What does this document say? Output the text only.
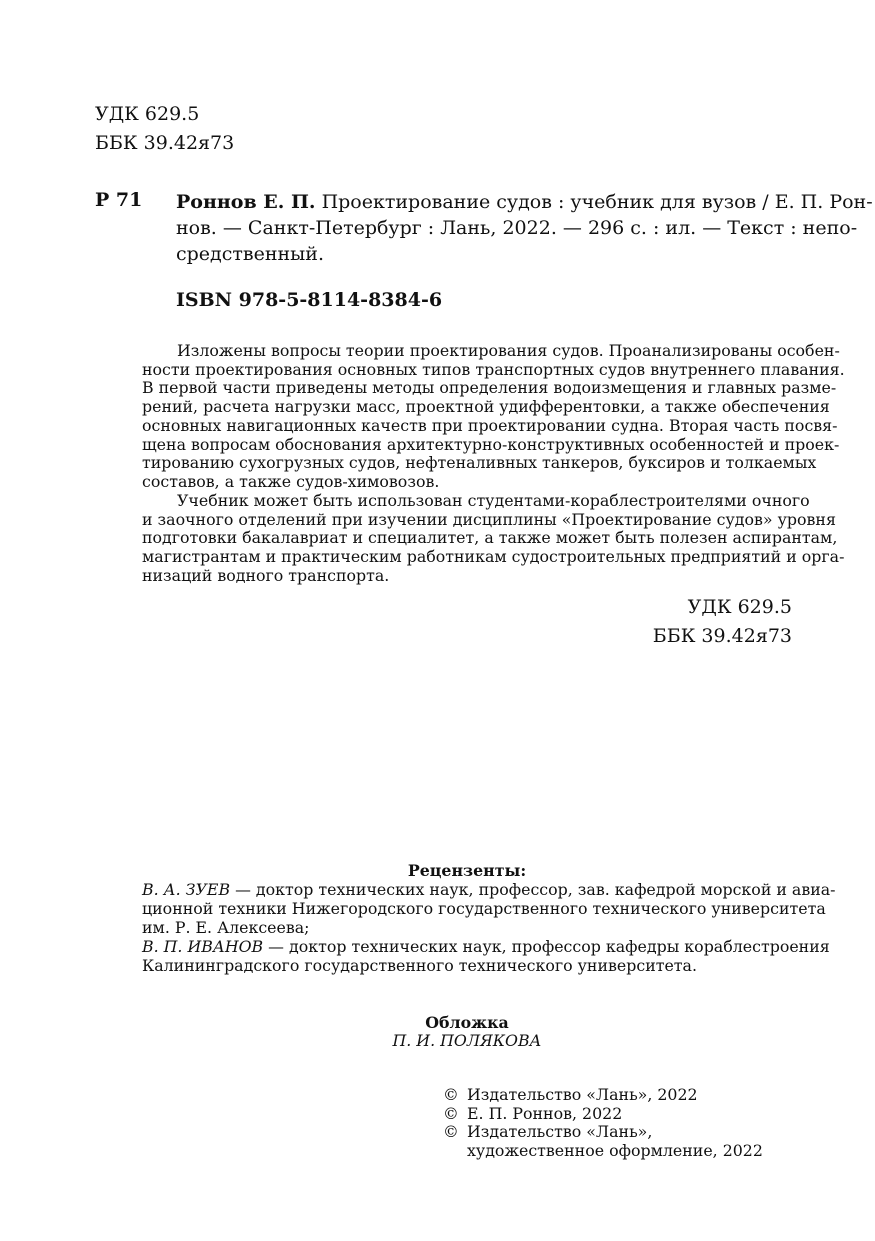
УДК 629.5
ББК 39.42я73
Р 71 Роннов Е. П. Проектирование судов : учебник для вузов / Е. П. Рон-
нов. — Санкт-Петербург : Лань, 2022. — 296 с. : ил. — Текст : непо-
средственный.
ISBN 978-5-8114-8384-6
Изложены вопросы теории проектирования судов. Проанализированы особен-
ности проектирования основных типов транспортных судов внутреннего плавания.
В первой части приведены методы определения водоизмещения и главных разме-
рений, расчета нагрузки масс, проектной удифферентовки, а также обеспечения
основных навигационных качеств при проектировании судна. Вторая часть посвя-
щена вопросам обоснования архитектурно-конструктивных особенностей и проек-
тированию сухогрузных судов, нефтеналивных танкеров, буксиров и толкаемых
составов, а также судов-химовозов.
Учебник может быть использован студентами-кораблестроителями очного
и заочного отделений при изучении дисциплины «Проектирование судов» уровня
подготовки бакалавриат и специалитет, а также может быть полезен аспирантам,
магистрантам и практическим работникам судостроительных предприятий и орга-
низаций водного транспорта.
УДК 629.5
ББК 39.42я73
Рецензенты:
В. А. ЗУЕВ — доктор технических наук, профессор, зав. кафедрой морской и авиа-
ционной техники Нижегородского государственного технического университета
им. Р. Е. Алексеева;
В. П. ИВАНОВ — доктор технических наук, профессор кафедры кораблестроения
Калининградского государственного технического университета.
Обложка
П. И. ПОЛЯКОВА
© Издательство «Лань», 2022
© Е. П. Роннов, 2022
© Издательство «Лань»,
художественное оформление, 2022
